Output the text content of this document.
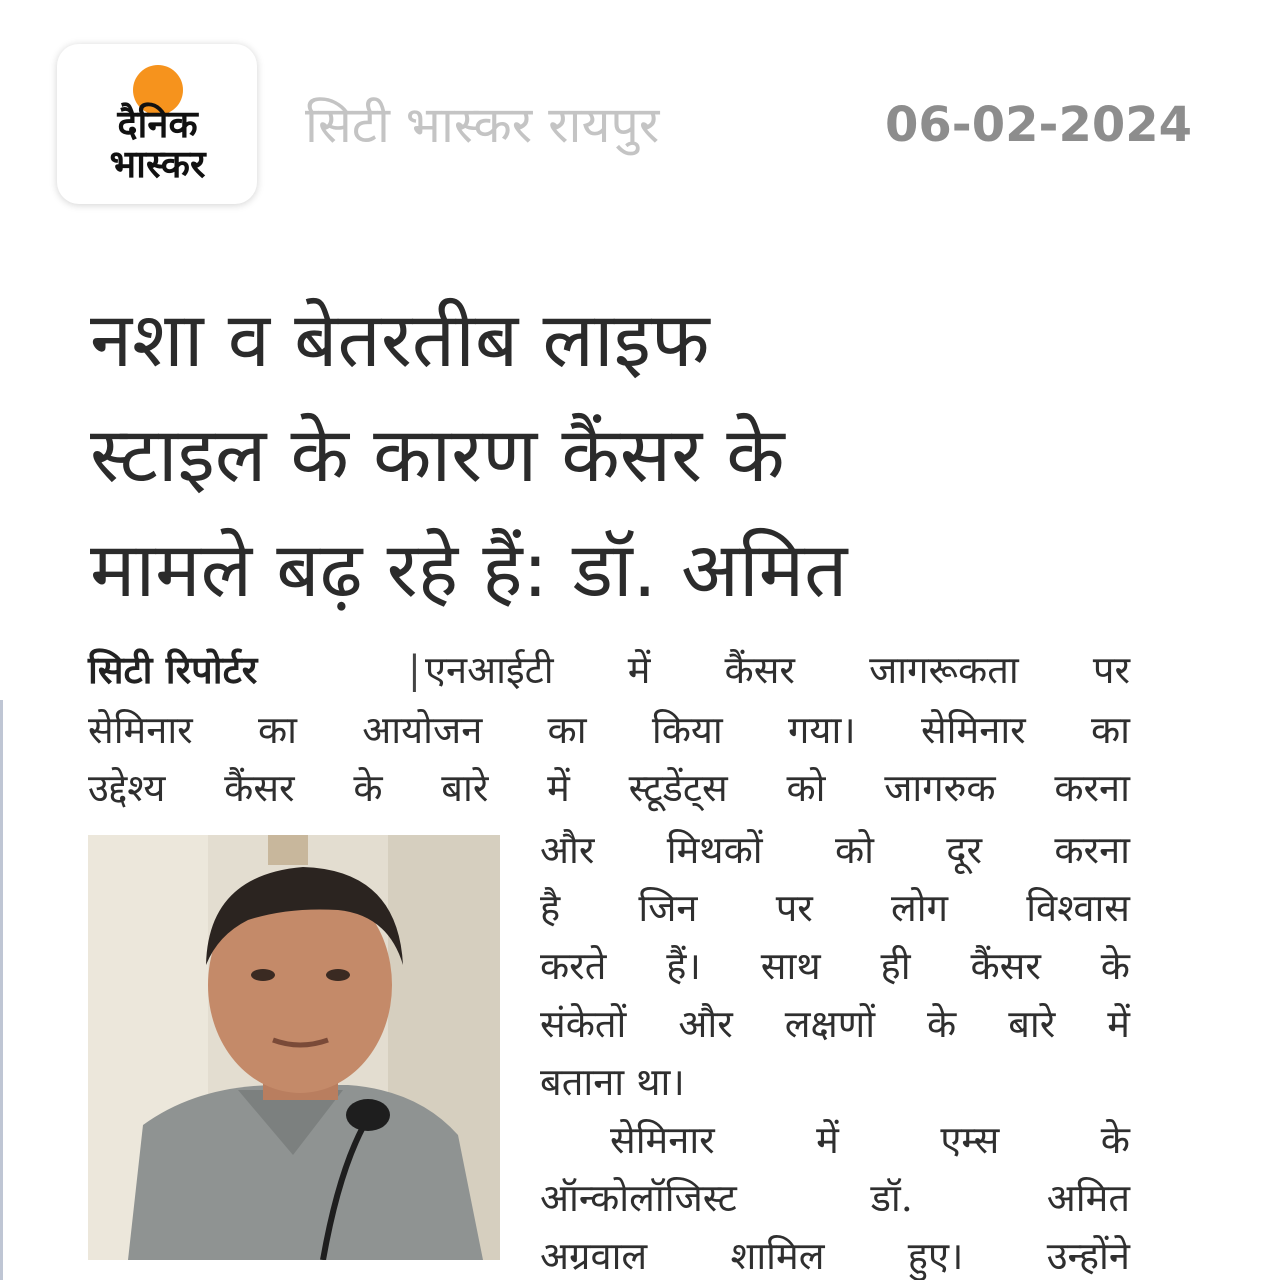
दैनिक
भास्कर
सिटी भास्कर रायपुर	06-02-2024
नशा व बेतरतीब लाइफ
स्टाइल के कारण कैंसर के
मामले बढ़ रहे हैं: डॉ. अमित
सिटी रिपोर्टर	| एनआईटी में कैंसर जागरूकता पर
सेमिनार का आयोजन का किया गया। सेमिनार का
उद्देश्य कैंसर के बारे में स्टूडेंट्स को जागरुक करना
और मिथकों को दूर करना
है जिन पर लोग विश्वास
करते हैं। साथ ही कैंसर के
संकेतों और लक्षणों के बारे में
बताना था।
सेमिनार में एम्स के
ऑन्कोलॉजिस्ट डॉ. अमित
अग्रवाल शामिल हुए। उन्होंने
